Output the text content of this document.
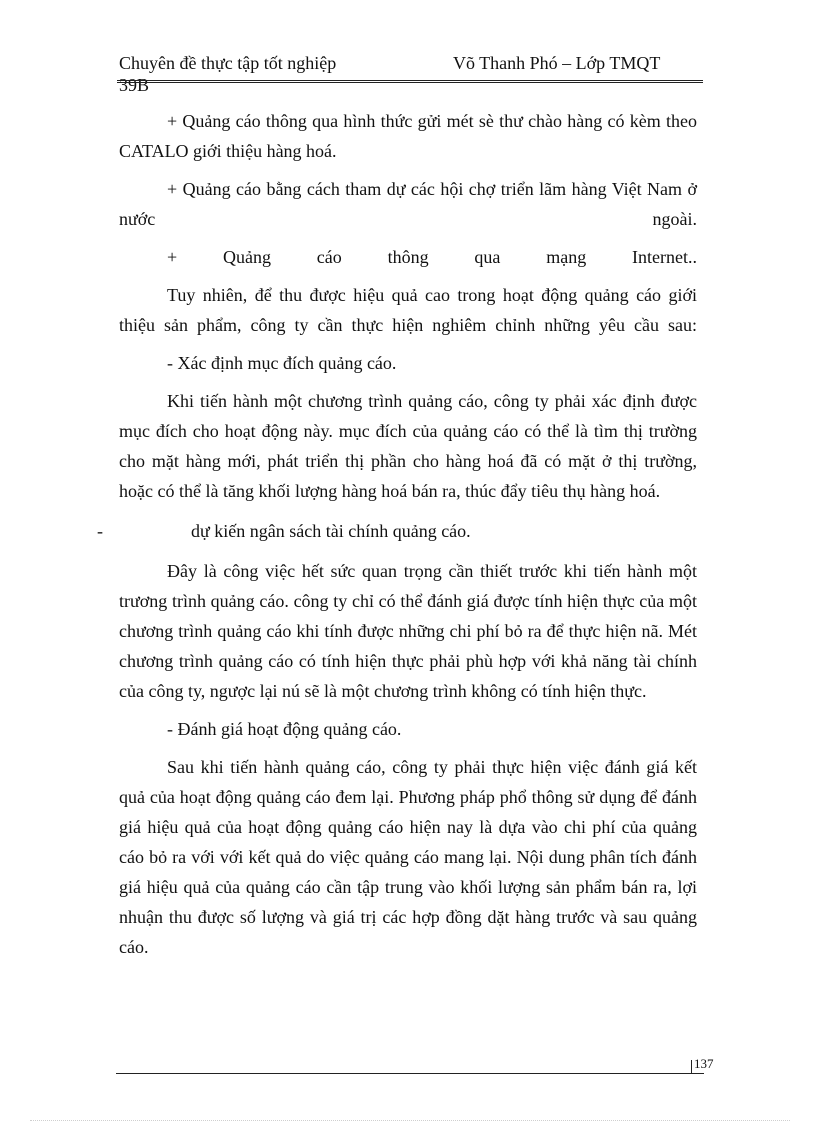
Chuyên đề thực tập tốt nghiệp 39B
Võ Thanh Phó – Lớp TMQT

+ Quảng cáo thông qua hình thức gửi mét sè thư chào hàng có kèm theo CATALO giới thiệu hàng hoá.

+ Quảng cáo bằng cách tham dự các hội chợ triển lãm hàng Việt Nam ở nước ngoài.

+ Quảng cáo thông qua mạng Internet..

Tuy nhiên, để thu được hiệu quả cao trong hoạt động quảng cáo giới thiệu sản phẩm, công ty cần thực hiện nghiêm chỉnh những yêu cầu sau:

- Xác định mục đích quảng cáo.

Khi tiến hành một chương trình quảng cáo, công ty phải xác định được mục đích cho hoạt động này. mục đích của quảng cáo có thể là tìm thị trường cho mặt hàng mới, phát triển thị phần cho hàng hoá đã có mặt ở thị trường, hoặc có thể là tăng khối lượng hàng hoá bán ra, thúc đẩy tiêu thụ hàng hoá.

-	dự kiến ngân sách tài chính quảng cáo.

Đây là công việc hết sức quan trọng cần thiết trước khi tiến hành một trương trình quảng cáo. công ty chỉ có thể đánh giá được tính hiện thực của một chương trình quảng cáo khi tính được những chi phí bỏ ra để thực hiện nã. Mét chương trình quảng cáo có tính hiện thực phải phù hợp với khả năng tài chính của công ty, ngược lại nú sẽ là một chương trình không có tính hiện thực.

- Đánh giá hoạt động quảng cáo.

Sau khi tiến hành quảng cáo, công ty phải thực hiện việc đánh giá kết quả của hoạt động quảng cáo đem lại. Phương pháp phổ thông sử dụng để đánh giá hiệu quả của hoạt động quảng cáo hiện nay là dựa vào chi phí của quảng cáo bỏ ra với với kết quả do việc quảng cáo mang lại. Nội dung phân tích đánh giá hiệu quả của quảng cáo cần tập trung vào khối lượng sản phẩm bán ra, lợi nhuận thu được số lượng và giá trị các hợp đồng dặt hàng trước và sau quảng cáo.

137
